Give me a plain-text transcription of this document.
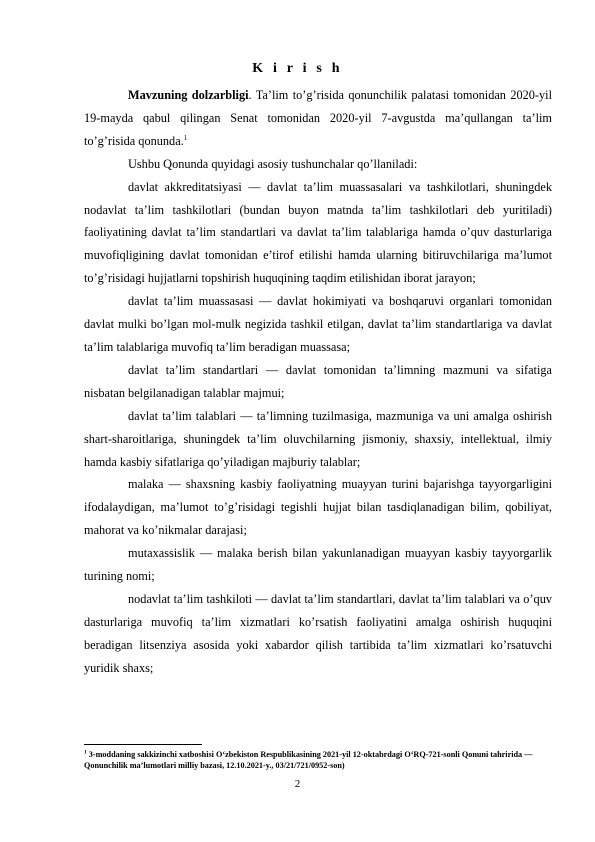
K i r i s h

Mavzuning dolzarbligi. Ta’lim to’g’risida qonunchilik palatasi tomonidan 2020-yil 19-mayda qabul qilingan Senat tomonidan 2020-yil 7-avgustda ma’qullangan ta’lim to’g’risida qonunda.$^1$

Ushbu Qonunda quyidagi asosiy tushunchalar qo’llaniladi:

davlat akkreditatsiyasi — davlat ta’lim muassasalari va tashkilotlari, shuningdek nodavlat ta’lim tashkilotlari (bundan buyon matnda ta’lim tashkilotlari deb yuritiladi) faoliyatining davlat ta’lim standartlari va davlat ta’lim talablariga hamda o’quv dasturlariga muvofiqligining davlat tomonidan e’tirof etilishi hamda ularning bitiruvchilariga ma’lumot to’g’risidagi hujjatlarni topshirish huquqining taqdim etilishidan iborat jarayon;

davlat ta’lim muassasasi — davlat hokimiyati va boshqaruvi organlari tomonidan davlat mulki bo’lgan mol-mulk negizida tashkil etilgan, davlat ta’lim standartlariga va davlat ta’lim talablariga muvofiq ta’lim beradigan muassasa;

davlat ta’lim standartlari — davlat tomonidan ta’limning mazmuni va sifatiga nisbatan belgilanadigan talablar majmui;

davlat ta’lim talablari — ta’limning tuzilmasiga, mazmuniga va uni amalga oshirish shart-sharoitlariga, shuningdek ta’lim oluvchilarning jismoniy, shaxsiy, intellektual, ilmiy hamda kasbiy sifatlariga qo’yiladigan majburiy talablar;

malaka — shaxsning kasbiy faoliyatning muayyan turini bajarishga tayyorgarligini ifodalaydigan, ma’lumot to’g’risidagi tegishli hujjat bilan tasdiqlanadigan bilim, qobiliyat, mahorat va ko’nikmalar darajasi;

mutaxassislik — malaka berish bilan yakunlanadigan muayyan kasbiy tayyorgarlik turining nomi;

nodavlat ta’lim tashkiloti — davlat ta’lim standartlari, davlat ta’lim talablari va o’quv dasturlariga muvofiq ta’lim xizmatlari ko’rsatish faoliyatini amalga oshirish huquqini beradigan litsenziya asosida yoki xabardor qilish tartibida ta’lim xizmatlari ko’rsatuvchi yuridik shaxs;

$^1$ 3-moddaning sakkizinchi xatboshisi O‘zbekiston Respublikasining 2021-yil 12-oktabrdagi O‘RQ-721-sonli Qonuni tahririda — Qonunchilik ma’lumotlari milliy bazasi, 12.10.2021-y., 03/21/721/0952-son)
2
